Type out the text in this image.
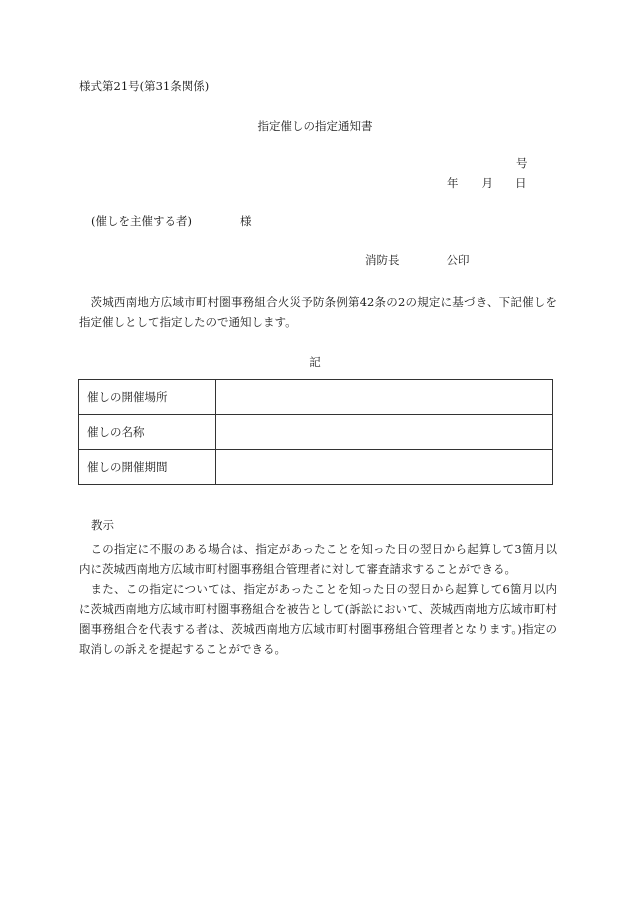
様式第21号(第31条関係)
指定催しの指定通知書
号
年 月 日
(催しを主催する者)	様
消防長	公印

茨城西南地方広域市町村圏事務組合火災予防条例第42条の2の規定に基づき、下記催しを指定催しとして指定したので通知します。

記
催しの開催場所	
催しの名称	
催しの開催期間	
教示

この指定に不服のある場合は、指定があったことを知った日の翌日から起算して3箇月以内に茨城西南地方広域市町村圏事務組合管理者に対して審査請求することができる。

また、この指定については、指定があったことを知った日の翌日から起算して6箇月以内に茨城西南地方広域市町村圏事務組合を被告として(訴訟において、茨城西南地方広域市町村圏事務組合を代表する者は、茨城西南地方広域市町村圏事務組合管理者となります。)指定の取消しの訴えを提起することができる。
